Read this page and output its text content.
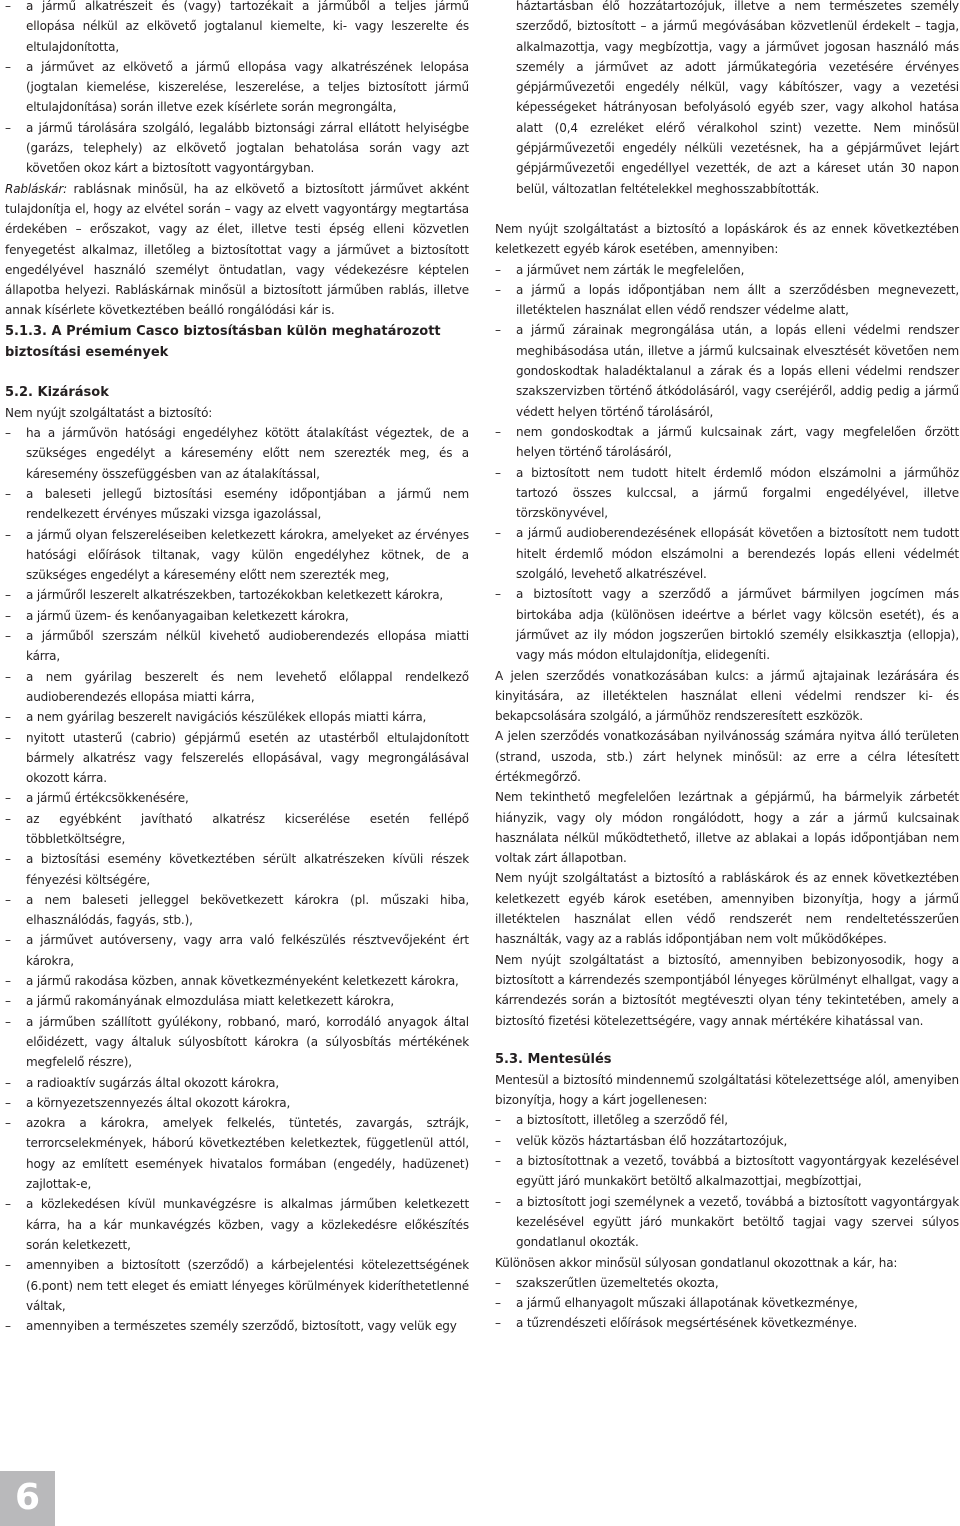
– a jármű alkatrészeit és (vagy) tartozékait a járműből a teljes jármű ellopása nélkül az elkövető jogtalanul kiemelte, ki- vagy leszerelte és eltulajdonította,
– a járművet az elkövető a jármű ellopása vagy alkatrészének lelopása (jogtalan kiemelése, kiszerelése, leszerelése, a teljes biztosított jármű eltulajdonítása) során illetve ezek kísérlete során megrongálta,
– a jármű tárolására szolgáló, legalább biztonsági zárral ellátott helyiségbe (garázs, telephely) az elkövető jogtalan behatolása során vagy azt követően okoz kárt a biztosított vagyontárgyban.

Rabláskár: rablásnak minősül, ha az elkövető a biztosított járművet akként tulajdonítja el, hogy az elvétel során – vagy az elvett vagyontárgy megtartása érdekében – erőszakot, vagy az élet, illetve testi épség elleni közvetlen fenyegetést alkalmaz, illetőleg a biztosítottat vagy a járművet a biztosított engedélyével használó személyt öntudatlan, vagy védekezésre képtelen állapotba helyezi. Rabláskárnak minősül a biztosított járműben rablás, illetve annak kísérlete következtében beálló rongálódási kár is.

5.1.3. A Prémium Casco biztosításban külön meghatározott biztosítási események
5.2. Kizárások

Nem nyújt szolgáltatást a biztosító:

– ha a járművön hatósági engedélyhez kötött átalakítást végeztek, de a szükséges engedélyt a káresemény előtt nem szerezték meg, és a káresemény összefüggésben van az átalakítással,
– a baleseti jellegű biztosítási esemény időpontjában a jármű nem rendelkezett érvényes műszaki vizsga igazolással,
– a jármű olyan felszereléseiben keletkezett károkra, amelyeket az érvényes hatósági előírások tiltanak, vagy külön engedélyhez kötnek, de a szükséges engedélyt a káresemény előtt nem szerezték meg,
– a járműről leszerelt alkatrészekben, tartozékokban keletkezett károkra,
– a jármű üzem- és kenőanyagaiban keletkezett károkra,
– a járműből szerszám nélkül kivehető audioberendezés ellopása miatti kárra,
– a nem gyárilag beszerelt és nem levehető előlappal rendelkező audioberendezés ellopása miatti kárra,
– a nem gyárilag beszerelt navigációs készülékek ellopás miatti kárra,
– nyitott utasterű (cabrio) gépjármű esetén az utastérből eltulajdonított bármely alkatrész vagy felszerelés ellopásával, vagy megrongálásával okozott kárra.
– a jármű értékcsökkenésére,
– az egyébként javítható alkatrész kicserélése esetén fellépő többletköltségre,
– a biztosítási esemény következtében sérült alkatrészeken kívüli részek fényezési költségére,
– a nem baleseti jelleggel bekövetkezett károkra (pl. műszaki hiba, elhasználódás, fagyás, stb.),
– a járművet autóverseny, vagy arra való felkészülés résztvevőjeként ért károkra,
– a jármű rakodása közben, annak következményeként keletkezett károkra,
– a jármű rakományának elmozdulása miatt keletkezett károkra,
– a járműben szállított gyúlékony, robbanó, maró, korrodáló anyagok által előidézett, vagy általuk súlyosbított károkra (a súlyosbítás mértékének megfelelő részre),
– a radioaktív sugárzás által okozott károkra,
– a környezetszennyezés által okozott károkra,
– azokra a károkra, amelyek felkelés, tüntetés, zavargás, sztrájk, terrorcselekmények, háború következtében keletkeztek, függetlenül attól, hogy az említett események hivatalos formában (engedély, hadüzenet) zajlottak-e,
– a közlekedésen kívül munkavégzésre is alkalmas járműben keletkezett kárra, ha a kár munkavégzés közben, vagy a közlekedésre előkészítés során keletkezett,
– amennyiben a biztosított (szerződő) a kárbejelentési kötelezettségének (6.pont) nem tett eleget és emiatt lényeges körülmények kideríthetetlenné váltak,
– amennyiben a természetes személy szerződő, biztosított, vagy velük egy
háztartásban élő hozzátartozójuk, illetve a nem természetes személy szerződő, biztosított – a jármű megóvásában közvetlenül érdekelt – tagja, alkalmazottja, vagy megbízottja, vagy a járművet jogosan használó más személy a járművet az adott járműkategória vezetésére érvényes gépjárművezetői engedély nélkül, vagy kábítószer, vagy a vezetési képességeket hátrányosan befolyásoló egyéb szer, vagy alkohol hatása alatt (0,4 ezreléket elérő véralkohol szint) vezette. Nem minősül gépjárművezetői engedély nélküli vezetésnek, ha a gépjárművet lejárt gépjárművezetői engedéllyel vezették, de azt a káreset után 30 napon belül, változatlan feltételekkel meghosszabbították.

Nem nyújt szolgáltatást a biztosító a lopáskárok és az ennek következtében keletkezett egyéb károk esetében, amennyiben:

– a járművet nem zárták le megfelelően,
– a jármű a lopás időpontjában nem állt a szerződésben megnevezett, illetéktelen használat ellen védő rendszer védelme alatt,
– a jármű zárainak megrongálása után, a lopás elleni védelmi rendszer meghibásodása után, illetve a jármű kulcsainak elvesztését követően nem gondoskodtak haladéktalanul a zárak és a lopás elleni védelmi rendszer szakszervizben történő átkódolásáról, vagy cseréjéről, addig pedig a jármű védett helyen történő tárolásáról,
– nem gondoskodtak a jármű kulcsainak zárt, vagy megfelelően őrzött helyen történő tárolásáról,
– a biztosított nem tudott hitelt érdemlő módon elszámolni a járműhöz tartozó összes kulccsal, a jármű forgalmi engedélyével, illetve törzskönyvével,
– a jármű audioberendezésének ellopását követően a biztosított nem tudott hitelt érdemlő módon elszámolni a berendezés lopás elleni védelmét szolgáló, levehető alkatrészével.
– a biztosított vagy a szerződő a járművet bármilyen jogcímen más birtokába adja (különösen ideértve a bérlet vagy kölcsön esetét), és a járművet az ily módon jogszerűen birtokló személy elsikkasztja (ellopja), vagy más módon eltulajdonítja, elidegeníti.

A jelen szerződés vonatkozásában kulcs: a jármű ajtajainak lezárására és kinyitására, az illetéktelen használat elleni védelmi rendszer ki- és bekapcsolására szolgáló, a járműhöz rendszeresített eszközök.

A jelen szerződés vonatkozásában nyilvánosság számára nyitva álló területen (strand, uszoda, stb.) zárt helynek minősül: az erre a célra létesített értékmegőrző.

Nem tekinthető megfelelően lezártnak a gépjármű, ha bármelyik zárbetét hiányzik, vagy oly módon rongálódott, hogy a zár a jármű kulcsainak használata nélkül működtethető, illetve az ablakai a lopás időpontjában nem voltak zárt állapotban.

Nem nyújt szolgáltatást a biztosító a rabláskárok és az ennek következtében keletkezett egyéb károk esetében, amennyiben bizonyítja, hogy a jármű illetéktelen használat ellen védő rendszerét nem rendeltetésszerűen használták, vagy az a rablás időpontjában nem volt működőképes.

Nem nyújt szolgáltatást a biztosító, amennyiben bebizonyosodik, hogy a biztosított a kárrendezés szempontjából lényeges körülményt elhallgat, vagy a kárrendezés során a biztosítót megtéveszti olyan tény tekintetében, amely a biztosító fizetési kötelezettségére, vagy annak mértékére kihatással van.

5.3. Mentesülés

Mentesül a biztosító mindennemű szolgáltatási kötelezettsége alól, amenyiben bizonyítja, hogy a kárt jogellenesen:

– a biztosított, illetőleg a szerződő fél,
– velük közös háztartásban élő hozzátartozójuk,
– a biztosítottnak a vezető, továbbá a biztosított vagyontárgyak kezelésével együtt járó munkakört betöltő alkalmazottjai, megbízottjai,
– a biztosított jogi személynek a vezető, továbbá a biztosított vagyontárgyak kezelésével együtt járó munkakört betöltő tagjai vagy szervei súlyos gondatlanul okozták.

Különösen akkor minősül súlyosan gondatlanul okozottnak a kár, ha:

– szakszerűtlen üzemeltetés okozta,
– a jármű elhanyagolt műszaki állapotának következménye,
– a tűzrendészeti előírások megsértésének következménye.
6
